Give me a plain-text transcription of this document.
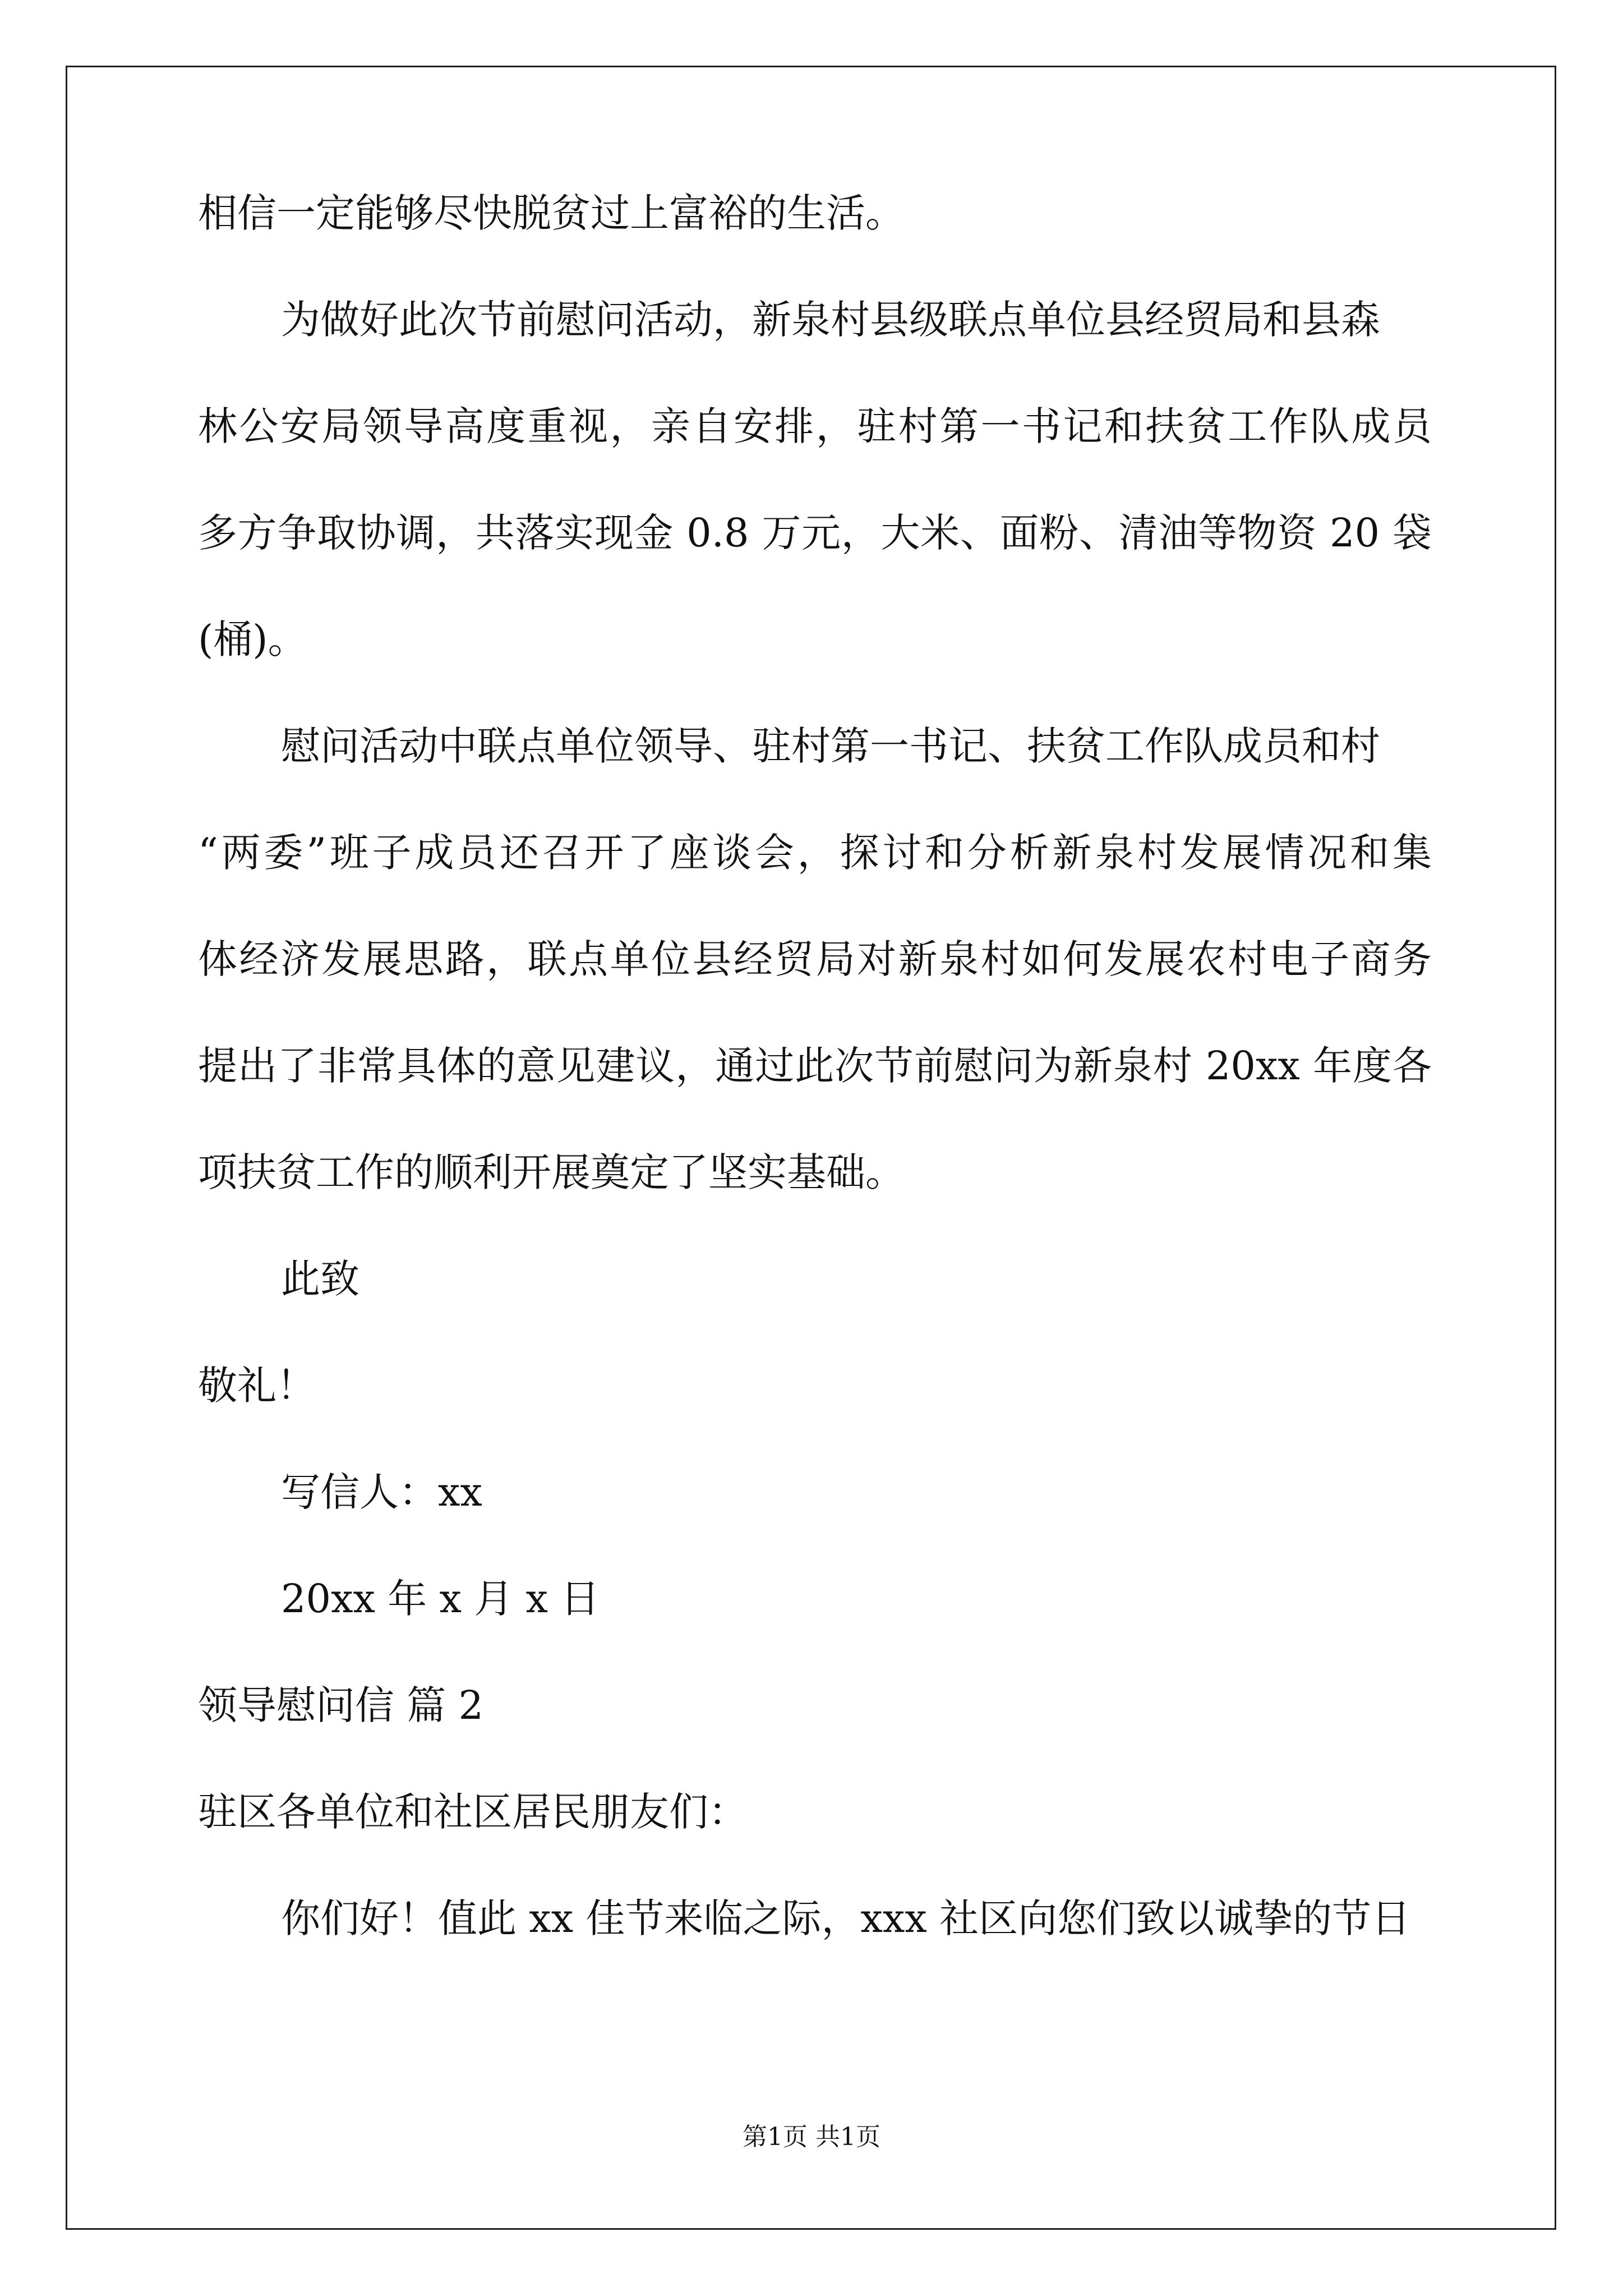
相信一定能够尽快脱贫过上富裕的生活。
为做好此次节前慰问活动，新泉村县级联点单位县经贸局和县森
林公安局领导高度重视，亲自安排，驻村第一书记和扶贫工作队成员
多方争取协调，共落实现金 0.8 万元，大米、面粉、清油等物资 20 袋
(桶)。
慰问活动中联点单位领导、驻村第一书记、扶贫工作队成员和村
“两委”班子成员还召开了座谈会，探讨和分析新泉村发展情况和集
体经济发展思路，联点单位县经贸局对新泉村如何发展农村电子商务
提出了非常具体的意见建议，通过此次节前慰问为新泉村 20xx 年度各
项扶贫工作的顺利开展奠定了坚实基础。
此致
敬礼！
写信人：xx
20xx 年 x 月 x 日
领导慰问信 篇 2
驻区各单位和社区居民朋友们：
你们好！值此 xx 佳节来临之际，xxx 社区向您们致以诚挚的节日
第1页 共1页
